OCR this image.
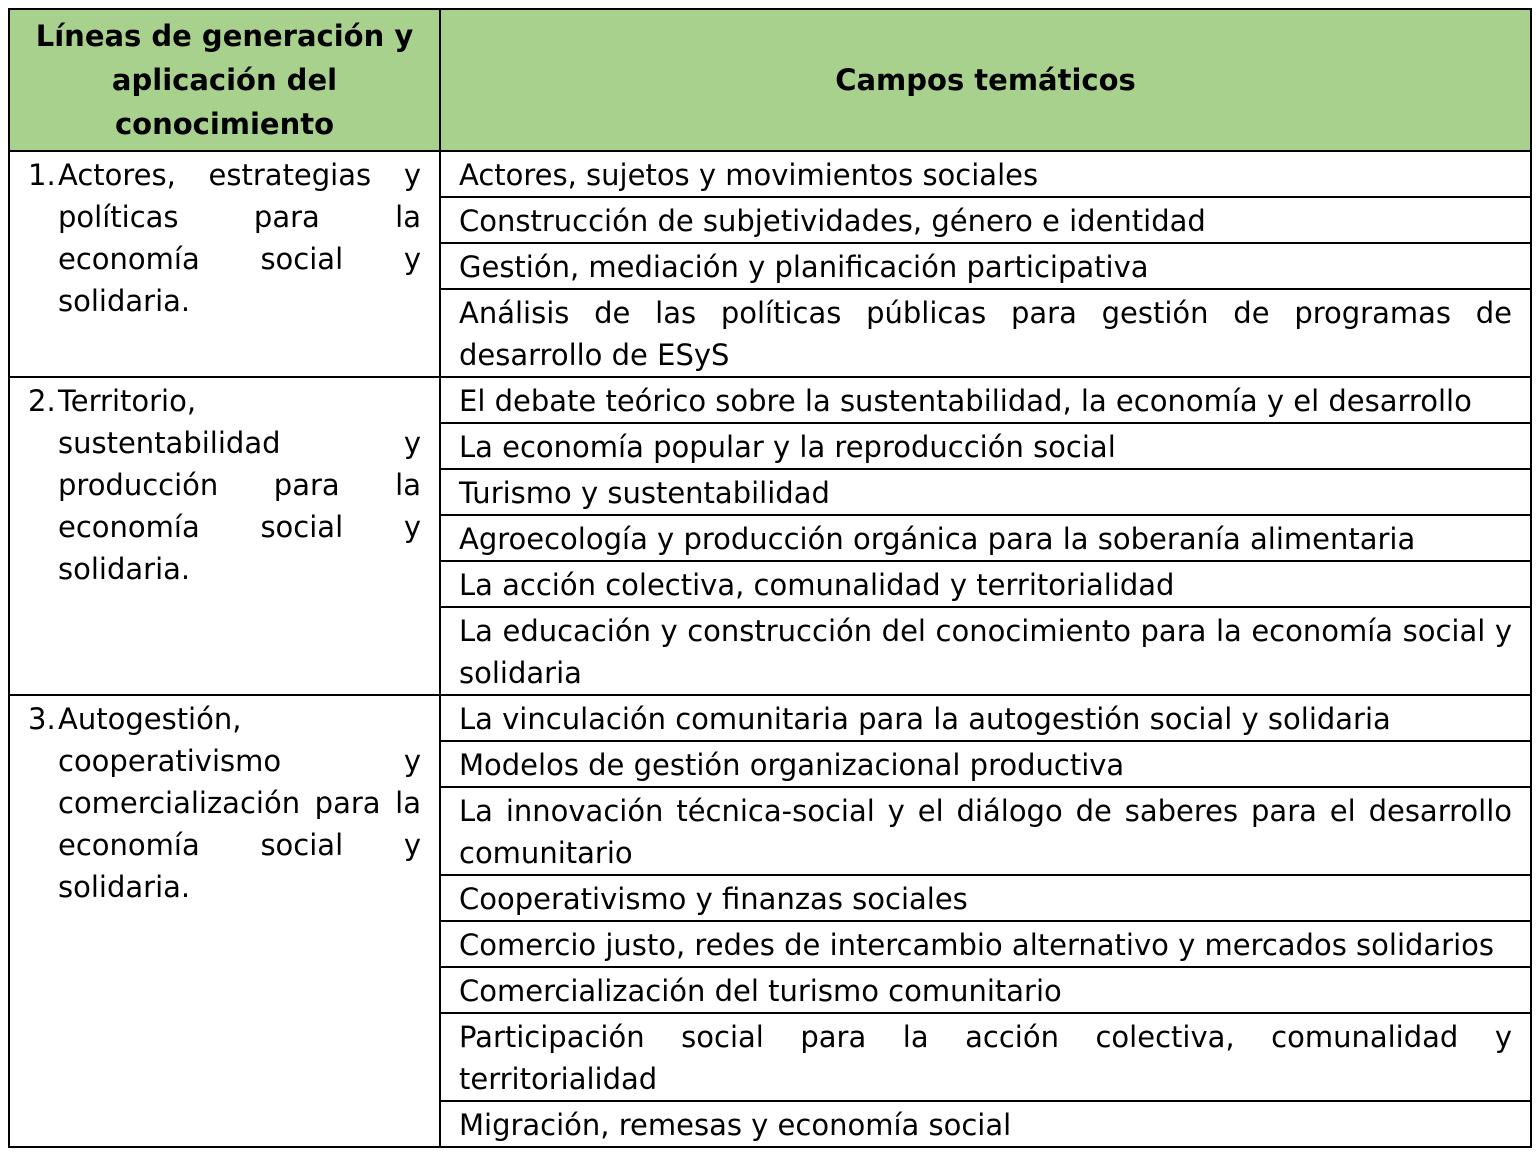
Líneas de generación y aplicación del conocimiento	Campos temáticos

1. Actores, estrategias y políticas para la economía social y solidaria.	Actores, sujetos y movimientos sociales
	Construcción de subjetividades, género e identidad
	Gestión, mediación y planificación participativa
	Análisis de las políticas públicas para gestión de programas de desarrollo de ESyS

2. Territorio, sustentabilidad y producción para la economía social y solidaria.	El debate teórico sobre la sustentabilidad, la economía y el desarrollo
	La economía popular y la reproducción social
	Turismo y sustentabilidad
	Agroecología y producción orgánica para la soberanía alimentaria
	La acción colectiva, comunalidad y territorialidad
	La educación y construcción del conocimiento para la economía social y solidaria

3. Autogestión, cooperativismo y comercialización para la economía social y solidaria.	La vinculación comunitaria para la autogestión social y solidaria
	Modelos de gestión organizacional productiva
	La innovación técnica-social y el diálogo de saberes para el desarrollo comunitario
	Cooperativismo y finanzas sociales
	Comercio justo, redes de intercambio alternativo y mercados solidarios
	Comercialización del turismo comunitario
	Participación social para la acción colectiva, comunalidad y territorialidad
	Migración, remesas y economía social
